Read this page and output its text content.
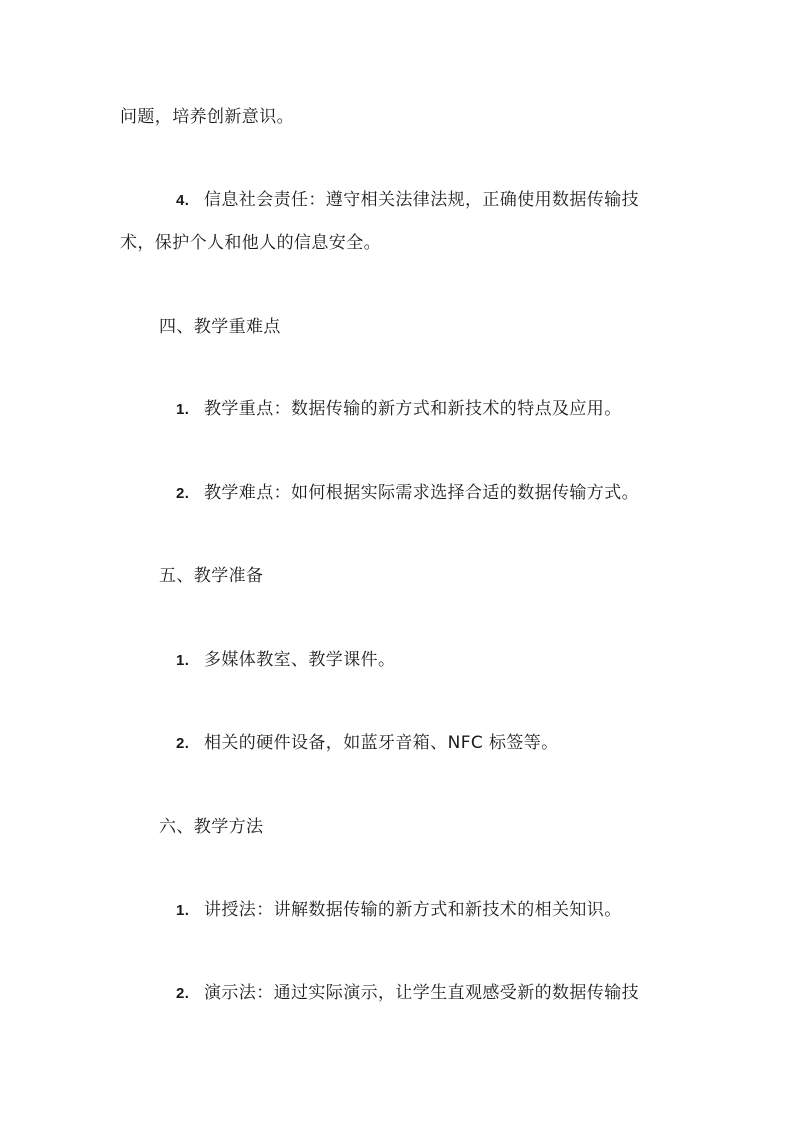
问题，培养创新意识。
4. 信息社会责任：遵守相关法律法规，正确使用数据传输技
术，保护个人和他人的信息安全。
四、教学重难点
1. 教学重点：数据传输的新方式和新技术的特点及应用。
2. 教学难点：如何根据实际需求选择合适的数据传输方式。
五、教学准备
1. 多媒体教室、教学课件。
2. 相关的硬件设备，如蓝牙音箱、NFC 标签等。
六、教学方法
1. 讲授法：讲解数据传输的新方式和新技术的相关知识。
2. 演示法：通过实际演示，让学生直观感受新的数据传输技
